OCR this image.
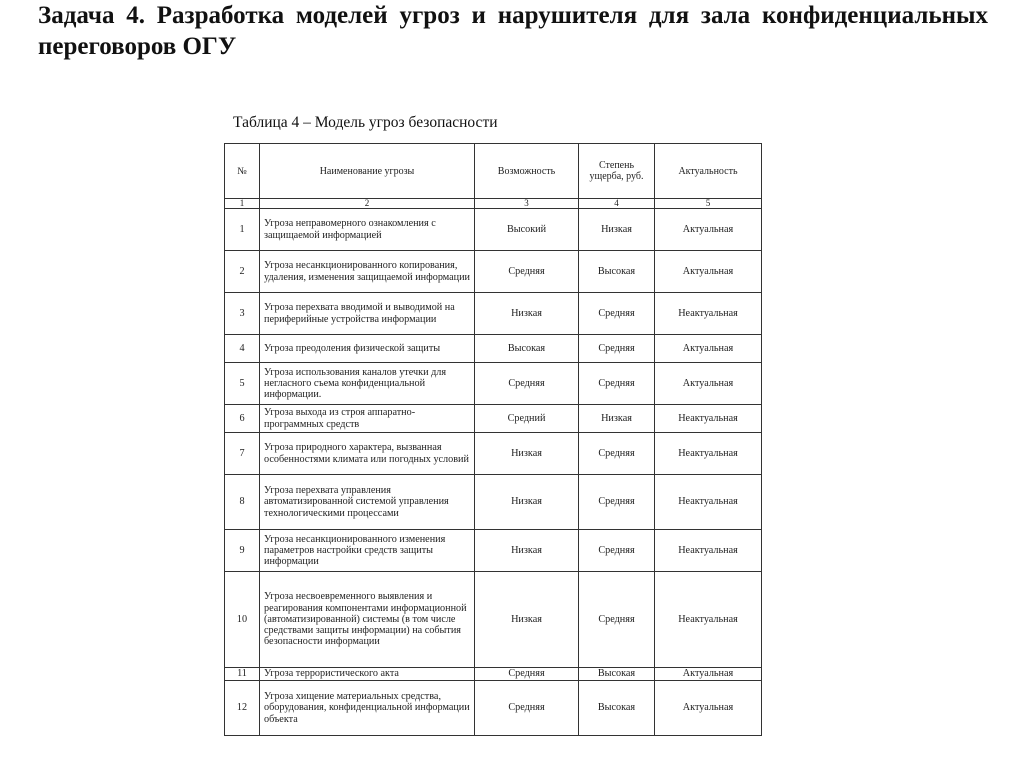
Задача 4. Разработка моделей угроз и нарушителя для зала конфиденциальных переговоров ОГУ

Таблица 4 – Модель угроз безопасности

№	Наименование угрозы	Возможность	Степень ущерба, руб.	Актуальность
1	2	3	4	5
1	Угроза неправомерного ознакомления с защищаемой информацией	Высокий	Низкая	Актуальная
2	Угроза несанкционированного копирования, удаления, изменения защищаемой информации	Средняя	Высокая	Актуальная
3	Угроза перехвата вводимой и выводимой на периферийные устройства информации	Низкая	Средняя	Неактуальная
4	Угроза преодоления физической защиты	Высокая	Средняя	Актуальная
5	Угроза использования каналов утечки для негласного съема конфиденциальной информации.	Средняя	Средняя	Актуальная
6	Угроза выхода из строя аппаратно-программных средств	Средний	Низкая	Неактуальная
7	Угроза природного характера, вызванная особенностями климата или погодных условий	Низкая	Средняя	Неактуальная
8	Угроза перехвата управления автоматизированной системой управления технологическими процессами	Низкая	Средняя	Неактуальная
9	Угроза несанкционированного изменения параметров настройки средств защиты информации	Низкая	Средняя	Неактуальная
10	Угроза несвоевременного выявления и реагирования компонентами информационной (автоматизированной) системы (в том числе средствами защиты информации) на события безопасности информации	Низкая	Средняя	Неактуальная
11	Угроза террористического акта	Средняя	Высокая	Актуальная
12	Угроза хищение материальных средства, оборудования, конфиденциальной информации объекта	Средняя	Высокая	Актуальная
